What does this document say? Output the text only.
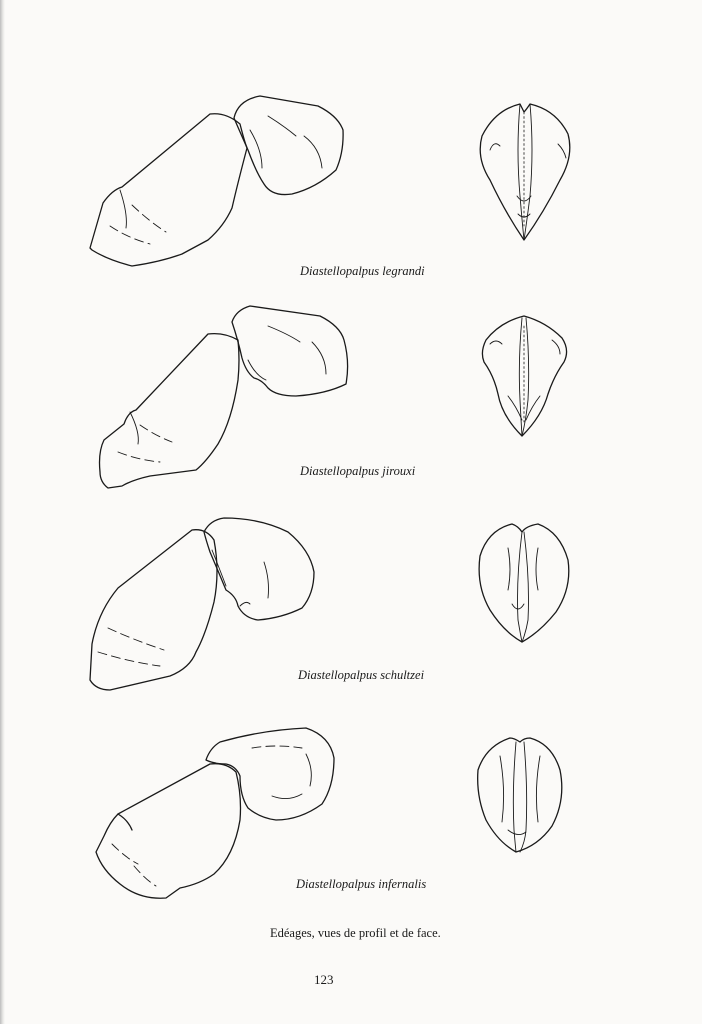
Diastellopalpus legrandi
Diastellopalpus jirouxi
Diastellopalpus schultzei
Diastellopalpus infernalis
Edéages, vues de profil et de face.
123
